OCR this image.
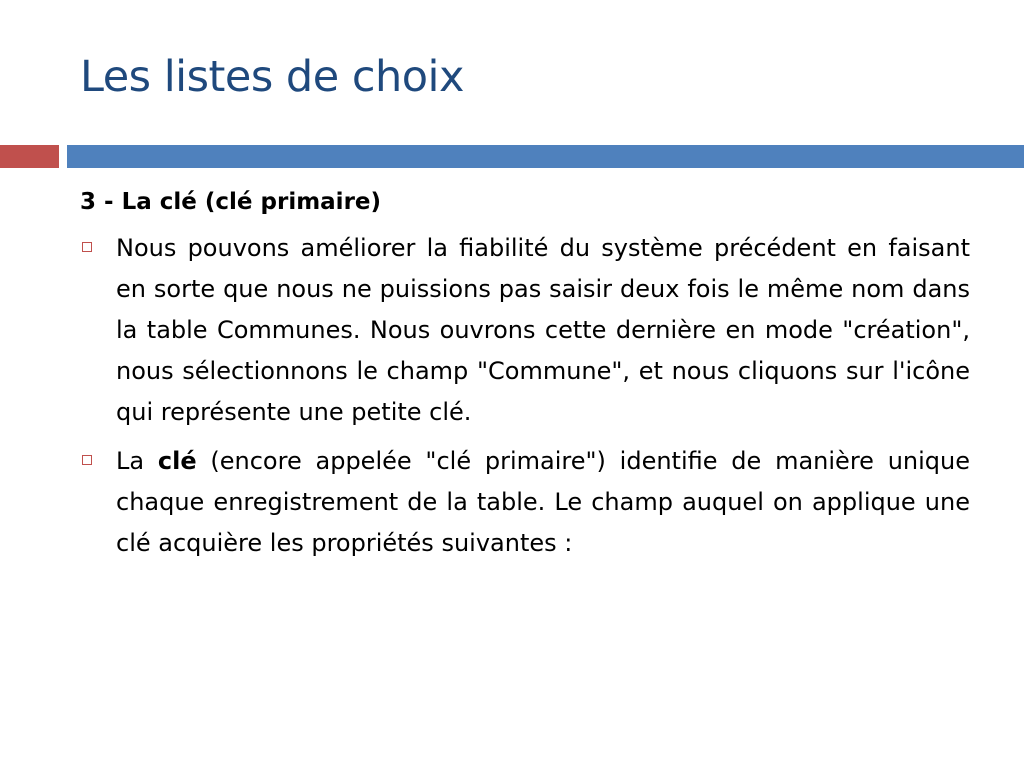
Les listes de choix

3 - La clé (clé primaire)

Nous pouvons améliorer la fiabilité du système précédent en faisant en sorte que nous ne puissions pas saisir deux fois le même nom dans la table Communes. Nous ouvrons cette dernière en mode "création", nous sélectionnons le champ "Commune", et nous cliquons sur l'icône qui représente une petite clé.
La clé (encore appelée "clé primaire") identifie de manière unique chaque enregistrement de la table. Le champ auquel on applique une clé acquière les propriétés suivantes :
